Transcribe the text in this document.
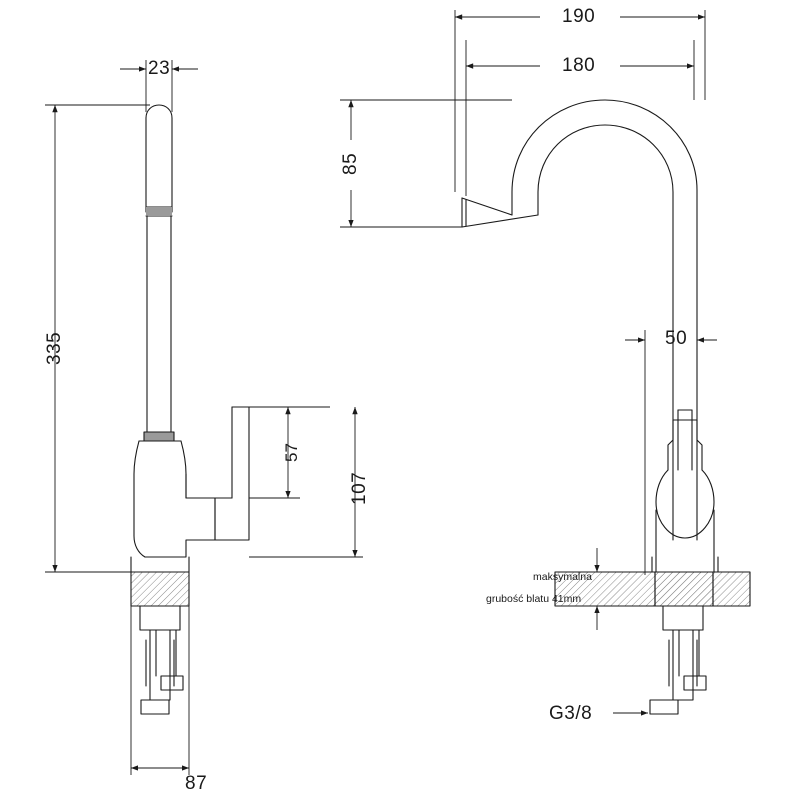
23
335
57
107
87
190
180
85
50
G3/8
maksymalna
grubość blatu 41mm
